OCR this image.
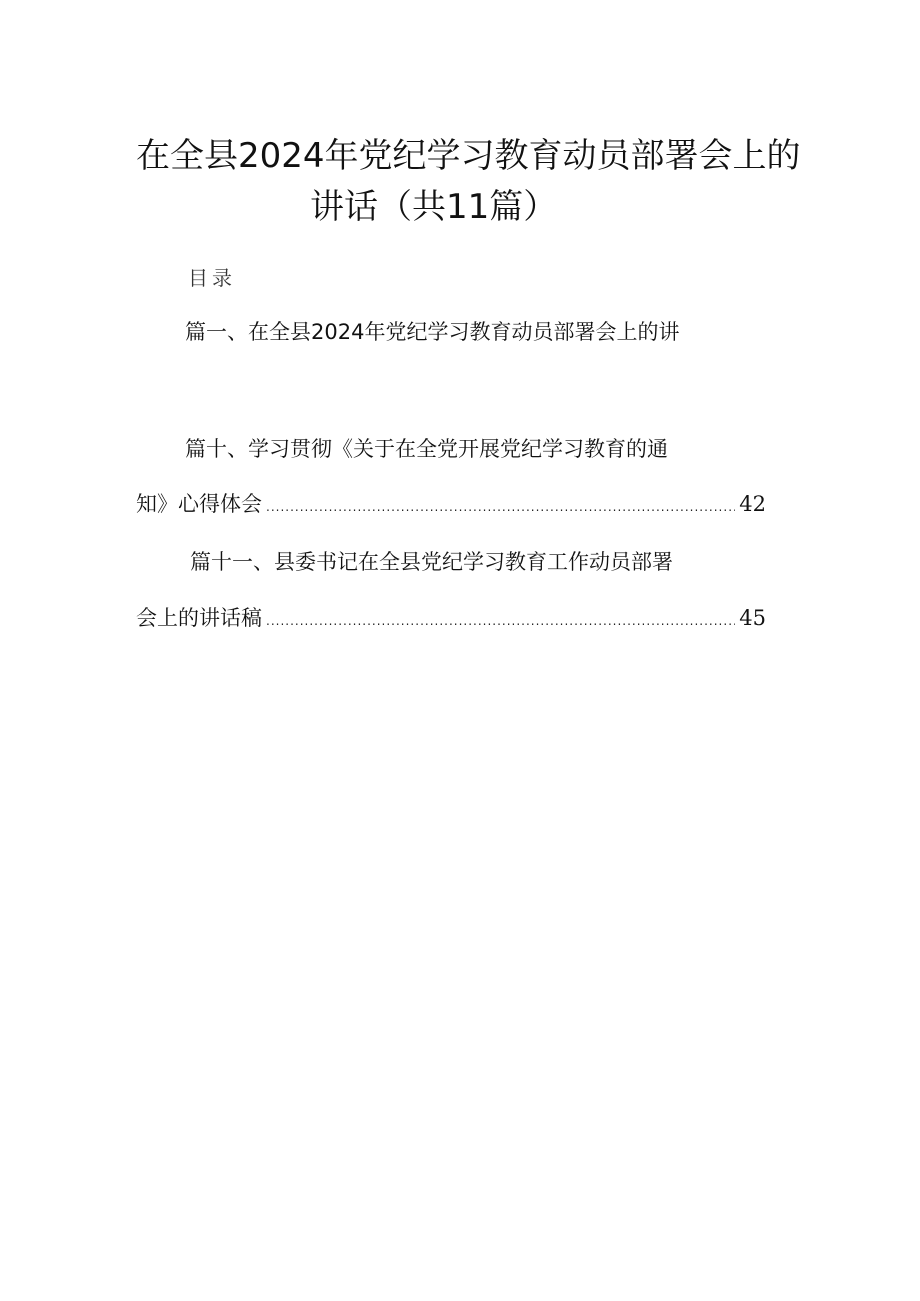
在全县2024年党纪学习教育动员部署会上的
讲话（共11篇）
目录
篇一、在全县2024年党纪学习教育动员部署会上的讲
篇十、学习贯彻《关于在全党开展党纪学习教育的通
知》心得体会 .....	42
篇十一、县委书记在全县党纪学习教育工作动员部署
会上的讲话稿 .....	45
